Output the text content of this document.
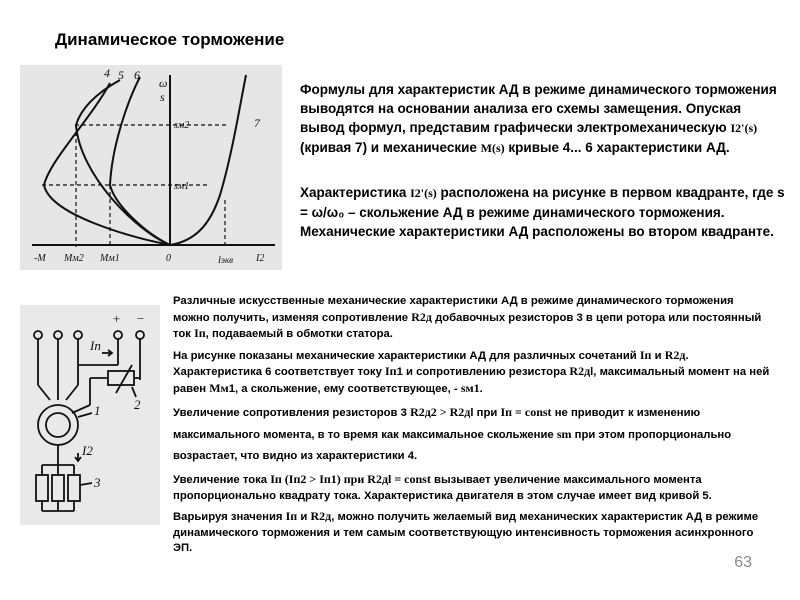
Динамическое торможение
4 5 6
7
ω
s
sм2
sм1
-M Mм2 Mм1	0	Iэкв I2

Формулы для характеристик АД в режиме динамического торможения выводятся на основании анализа его схемы замещения. Опуская вывод формул, представим графически электромеханическую I2'(s) (кривая 7) и механические M(s) кривые 4... 6 характеристики АД.

Характеристика I2'(s) расположена на рисунке в первом квадранте, где s = ω/ω₀ – скольжение АД в режиме динамического торможения. Механические характеристики АД расположены во втором квадранте.

Iп
+ −
1	2
I2
3

Различные искусственные механические характеристики АД в режиме динамического торможения можно получить, изменяя сопротивление R2д добавочных резисторов 3 в цепи ротора или постоянный ток Iп, подаваемый в обмотки статора.

На рисунке показаны механические характеристики АД для различных сочетаний Iп и R2д. Характеристика 6 соответствует току Iп1 и сопротивлению резистора R2дl, максимальный момент на ней равен Mм1, а скольжение, ему соответствующее, - sм1.

Увеличение сопротивления резисторов 3 R2д2 > R2дl при Iп = const не приводит к изменению максимального момента, в то время как максимальное скольжение sm при этом пропорционально возрастает, что видно из характеристики 4.

Увеличение тока Iп (Iп2 > Iп1) при R2дl = const вызывает увеличение максимального момента пропорционально квадрату тока. Характеристика двигателя в этом случае имеет вид кривой 5.

Варьируя значения Iп и R2д, можно получить желаемый вид механических характеристик АД в режиме динамического торможения и тем самым соответствующую интенсивность торможения асинхронного ЭП.

63
